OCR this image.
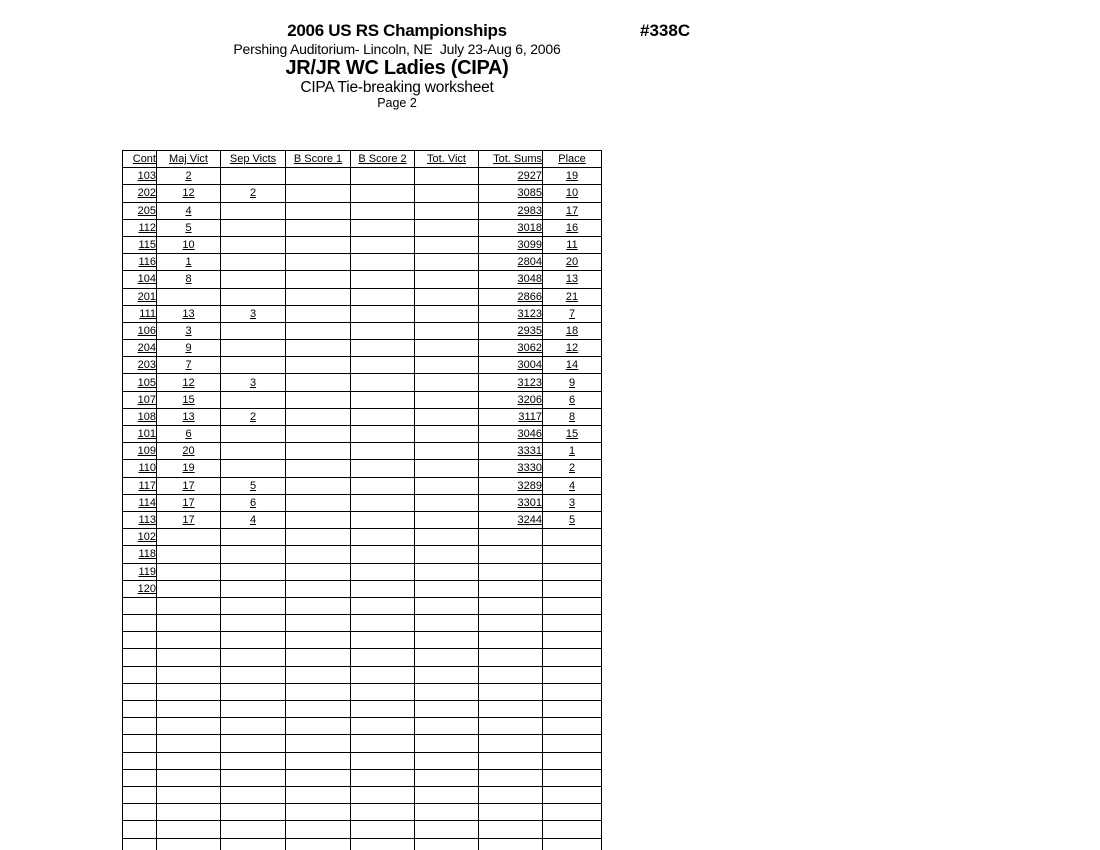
2006 US RS Championships
Pershing Auditorium- Lincoln, NE  July 23-Aug 6, 2006
JR/JR WC Ladies (CIPA)
CIPA Tie-breaking worksheet
Page 2
#338C
Cont	Maj Vict	Sep Victs	B Score 1	B Score 2	Tot. Vict	Tot. Sums	Place
103	2					2927	19
202	12	2				3085	10
205	4					2983	17
112	5					3018	16
115	10					3099	11
116	1					2804	20
104	8					3048	13
201						2866	21
111	13	3				3123	7
106	3					2935	18
204	9					3062	12
203	7					3004	14
105	12	3				3123	9
107	15					3206	6
108	13	2				3117	8
101	6					3046	15
109	20					3331	1
110	19					3330	2
117	17	5				3289	4
114	17	6				3301	3
113	17	4				3244	5
102							
118							
119							
120							
